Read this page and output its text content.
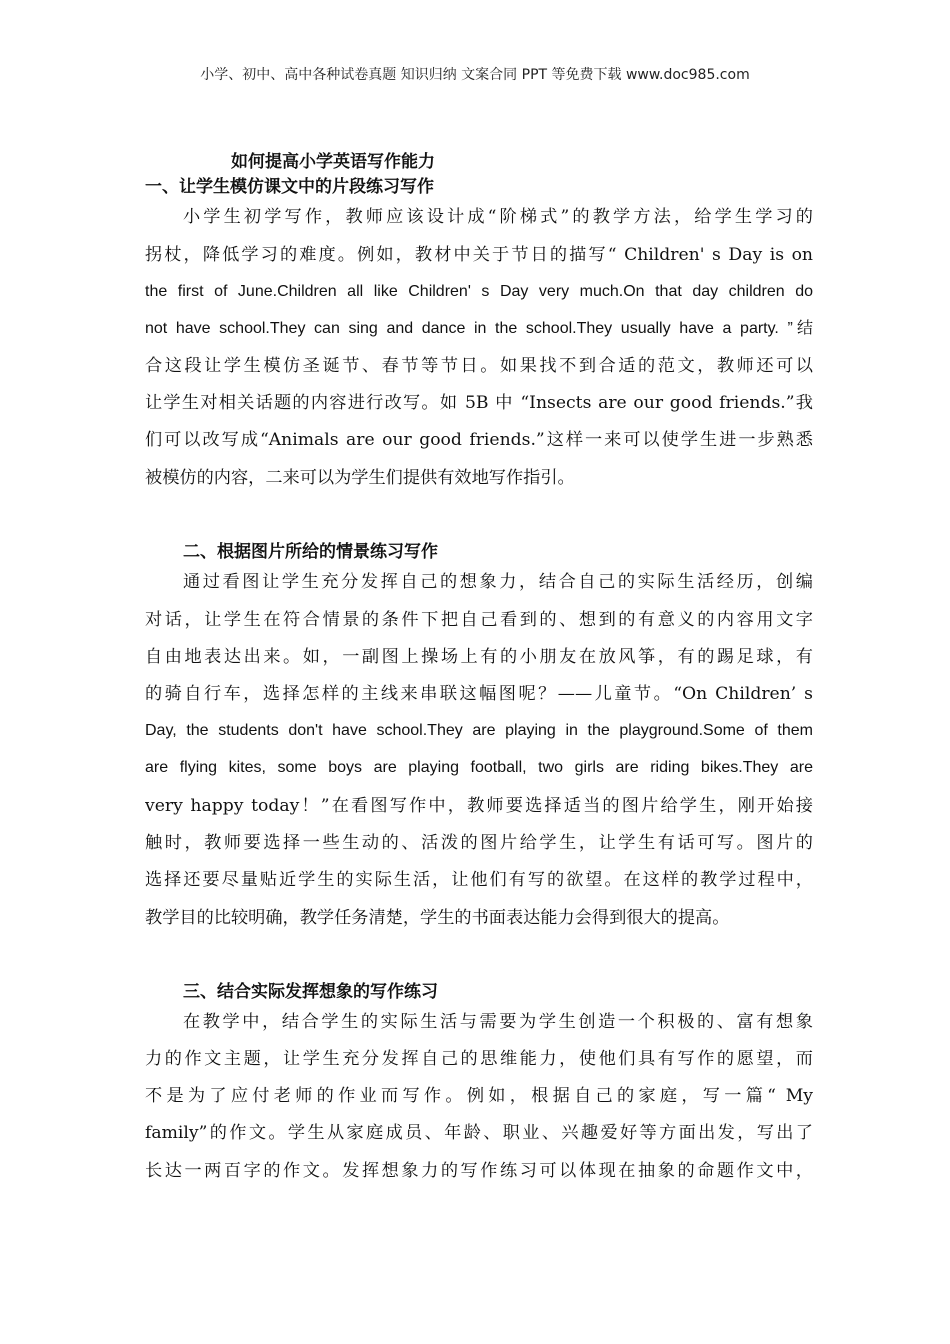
小学、初中、高中各种试卷真题 知识归纳 文案合同 PPT 等免费下载 www.doc985.com
如何提高小学英语写作能力
一、让学生模仿课文中的片段练习写作
小学生初学写作，教师应该设计成“阶梯式”的教学方法，给学生学习的
拐杖，降低学习的难度。例如，教材中关于节日的描写“ Children' s Day is on
the first of June.Children all like Children' s Day very much.On that day children do
not have school.They can sing and dance in the school.They usually have a party. ”结
合这段让学生模仿圣诞节、春节等节日。如果找不到合适的范文，教师还可以
让学生对相关话题的内容进行改写。如 5B 中 “Insects are our good friends.”我
们可以改写成“Animals are our good friends.”这样一来可以使学生进一步熟悉
被模仿的内容，二来可以为学生们提供有效地写作指引。
二、根据图片所给的情景练习写作
通过看图让学生充分发挥自己的想象力，结合自己的实际生活经历，创编
对话，让学生在符合情景的条件下把自己看到的、想到的有意义的内容用文字
自由地表达出来。如，一副图上操场上有的小朋友在放风筝，有的踢足球，有
的骑自行车，选择怎样的主线来串联这幅图呢？——儿童节。“On Children’ s
Day, the students don't have school.They are playing in the playground.Some of them
are flying kites, some boys are playing football, two girls are riding bikes.They are
very happy today！”在看图写作中，教师要选择适当的图片给学生，刚开始接
触时，教师要选择一些生动的、活泼的图片给学生，让学生有话可写。图片的
选择还要尽量贴近学生的实际生活，让他们有写的欲望。在这样的教学过程中，
教学目的比较明确，教学任务清楚，学生的书面表达能力会得到很大的提高。
三、结合实际发挥想象的写作练习
在教学中，结合学生的实际生活与需要为学生创造一个积极的、富有想象
力的作文主题，让学生充分发挥自己的思维能力，使他们具有写作的愿望，而
不是为了应付老师的作业而写作。例如，根据自己的家庭，写一篇“ My
family”的作文。学生从家庭成员、年龄、职业、兴趣爱好等方面出发，写出了
长达一两百字的作文。发挥想象力的写作练习可以体现在抽象的命题作文中，
